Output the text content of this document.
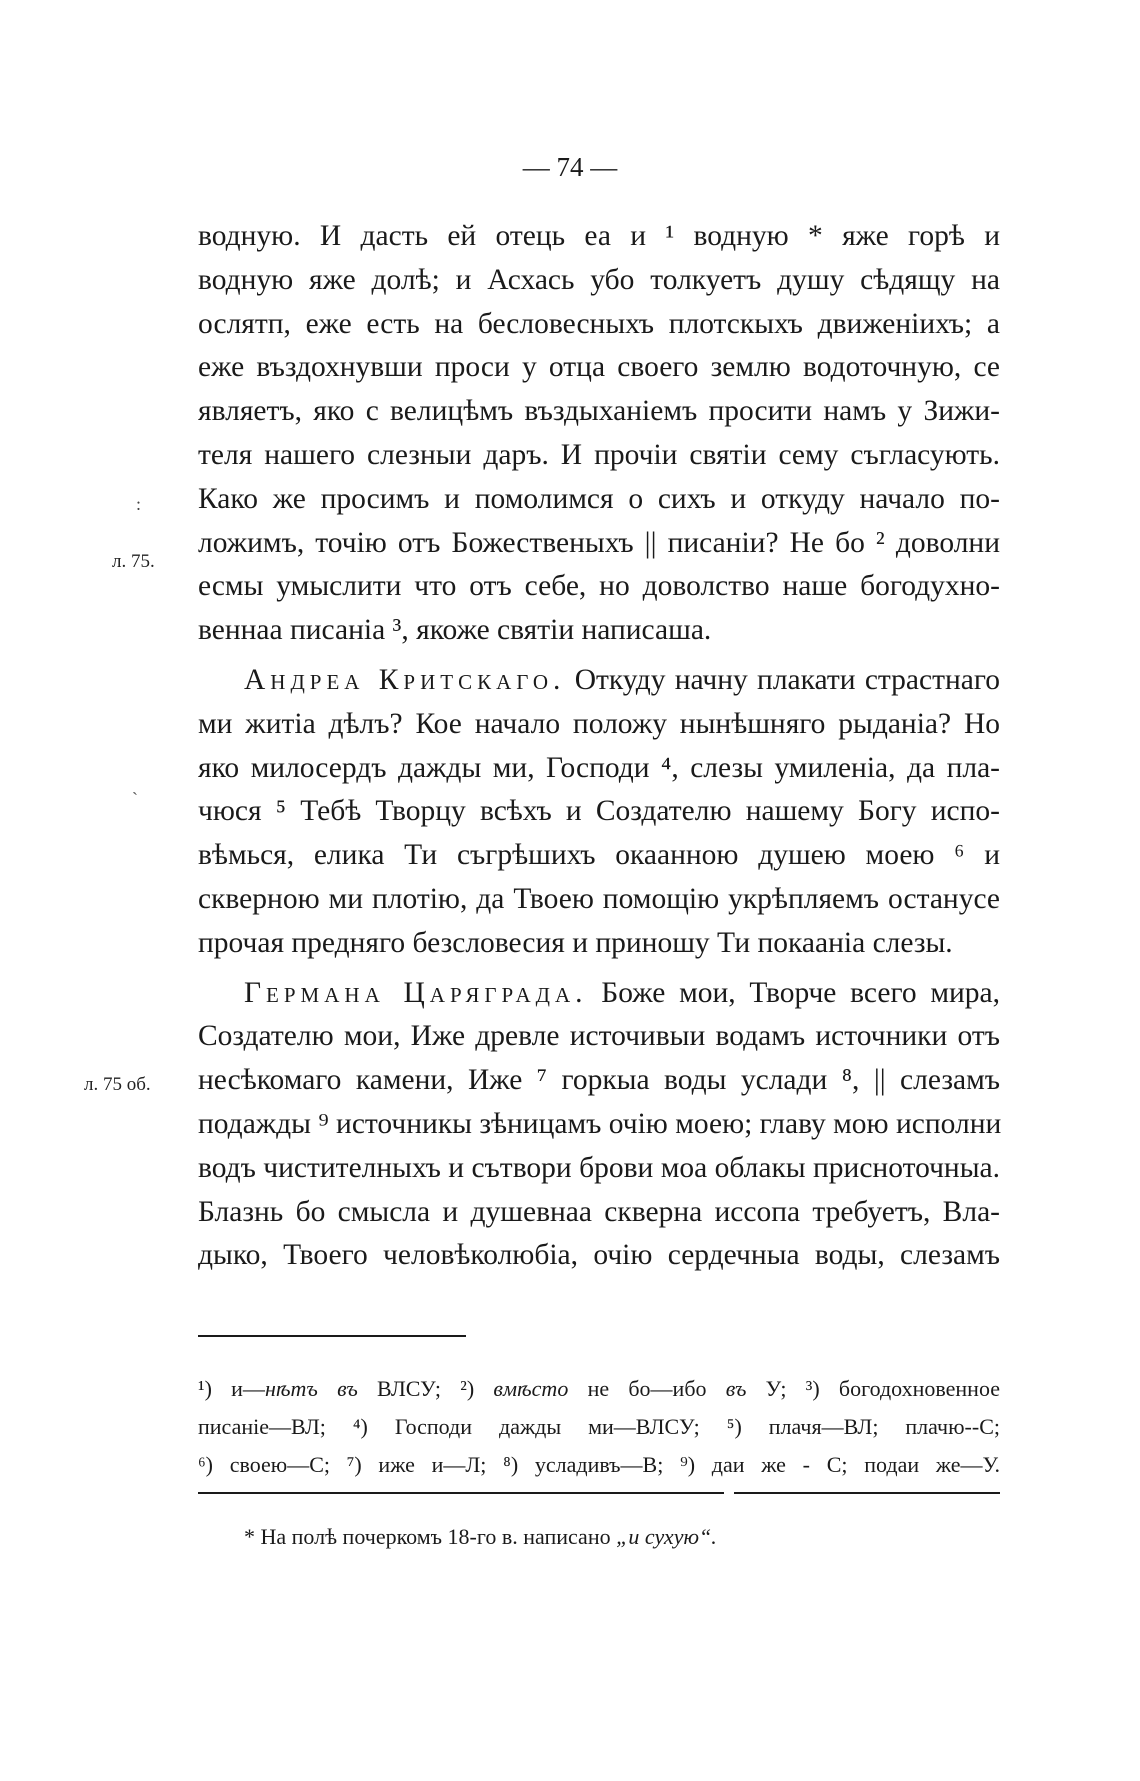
— 74 —
:
л. 75.
`
л. 75 об.
водную. И дасть ей отець еа и ¹ водную * яже горѣ и
водную яже долѣ; и Асхась убо толкуетъ душу сѣдящу на
ослятп, еже есть на бесловесныхъ плотскыхъ движенiихъ; а
еже въздохнувши проси у отца своего землю водоточную, се
являетъ, яко с велицѣмъ въздыханiемъ просити намъ у Зижи-
теля нашего слезныи даръ. И прочiи святiи сему съгласують.
Како же просимъ и помолимся о сихъ и откуду начало по-
ложимъ, точiю отъ Божественыхъ || писанiи? Не бо ² доволни
есмы умыслити что отъ себе, но доволство наше богодухно-
веннаа писанiа ³, якоже святiи написаша.
Андреа Критскаго. Откуду начну плакати страстнаго
ми житiа дѣлъ? Кое начало положу нынѣшняго рыданiа? Но
яко милосердъ дажды ми, Господи ⁴, слезы умиленiа, да пла-
чюся ⁵ Тебѣ Творцу всѣхъ и Создателю нашему Богу испо-
вѣмься, елика Ти съгрѣшихъ окаанною душею моею ⁶ и
скверною ми плотiю, да Твоею помощiю укрѣпляемъ останусе
прочая предняго безсловесия и приношу Ти покаанiа слезы.
Германа Царяграда. Боже мои, Творче всего мира,
Создателю мои, Иже древле источивыи водамъ источники отъ
несѣкомаго камени, Иже ⁷ горкыа воды услади ⁸, || слезамъ
подажды ⁹ источникы зѣницамъ очiю моею; главу мою исполни
водъ чистителныхъ и сътвори брови моа облакы присноточныа.
Блазнь бо смысла и душевнаа скверна иссопа требуетъ, Вла-
дыко, Твоего человѣколюбiа, очiю сердечныа воды, слезамъ
¹) и—нѣтъ въ ВЛСУ; ²) вмѣсто не бо—ибо въ У; ³) богодохновенное
писанiе—ВЛ; ⁴) Господи дажды ми—ВЛСУ; ⁵) плачя—ВЛ; плачю--С;
⁶) своею—С; ⁷) иже и—Л; ⁸) усладивъ—В; ⁹) даи же - С; подаи же—У.
* На полѣ почеркомъ 18-го в. написано „и сухую“.
